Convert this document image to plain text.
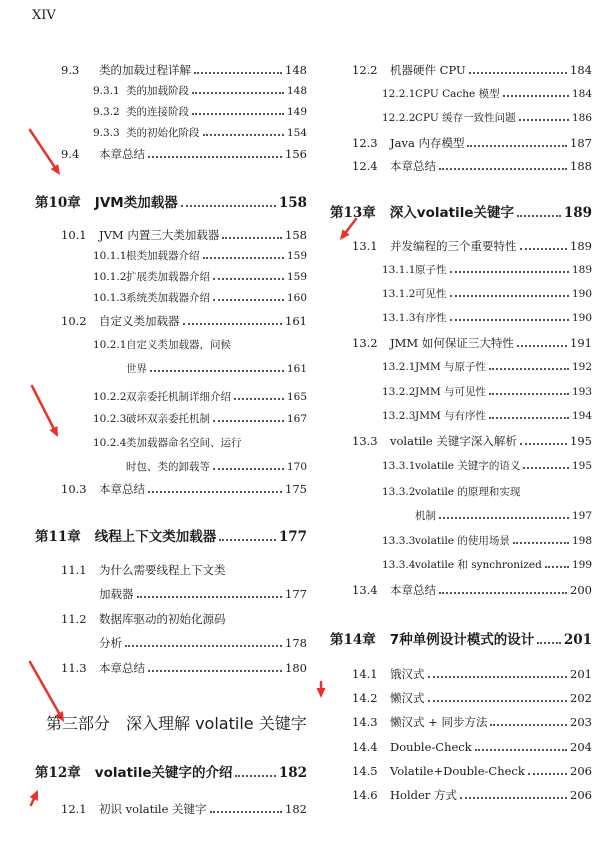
XIV
9.3	类的加载过程详解	148
9.3.1 类的加载阶段	148
9.3.2 类的连接阶段	149
9.3.3 类的初始化阶段	154
9.4	本章总结	156
第10章 JVM类加载器	158
10.1	JVM 内置三大类加载器	158
10.1.1 根类加载器介绍	159
10.1.2 扩展类加载器介绍	159
10.1.3 系统类加载器介绍	160
10.2	自定义类加载器	161
10.2.1 自定义类加载器，问候
世界	161
10.2.2 双亲委托机制详细介绍	165
10.2.3 破坏双亲委托机制	167
10.2.4 类加载器命名空间、运行
时包、类的卸载等	170
10.3	本章总结	175
第11章 线程上下文类加载器	177
11.1	为什么需要线程上下文类
加载器	177
11.2	数据库驱动的初始化源码
分析	178
11.3	本章总结	180
第12章 volatile关键字的介绍	182
12.1	初识 volatile 关键字	182
12.2	机器硬件 CPU	184
12.2.1 CPU Cache 模型	184
12.2.2 CPU 缓存一致性问题	186
12.3	Java 内存模型	187
12.4	本章总结	188
第13章 深入volatile关键字	189
13.1	并发编程的三个重要特性	189
13.1.1 原子性	189
13.1.2 可见性	190
13.1.3 有序性	190
13.2	JMM 如何保证三大特性	191
13.2.1 JMM 与原子性	192
13.2.2 JMM 与可见性	193
13.2.3 JMM 与有序性	194
13.3	volatile 关键字深入解析	195
13.3.1 volatile 关键字的语义	195
13.3.2 volatile 的原理和实现
机制	197
13.3.3 volatile 的使用场景	198
13.3.4 volatile 和 synchronized	199
13.4	本章总结	200
第14章 7种单例设计模式的设计 201
14.1	饿汉式	201
14.2	懒汉式	202
14.3	懒汉式 + 同步方法	203
14.4	Double-Check	204
14.5	Volatile+Double-Check	206
14.6	Holder 方式	206
第三部分　深入理解 volatile 关键字
